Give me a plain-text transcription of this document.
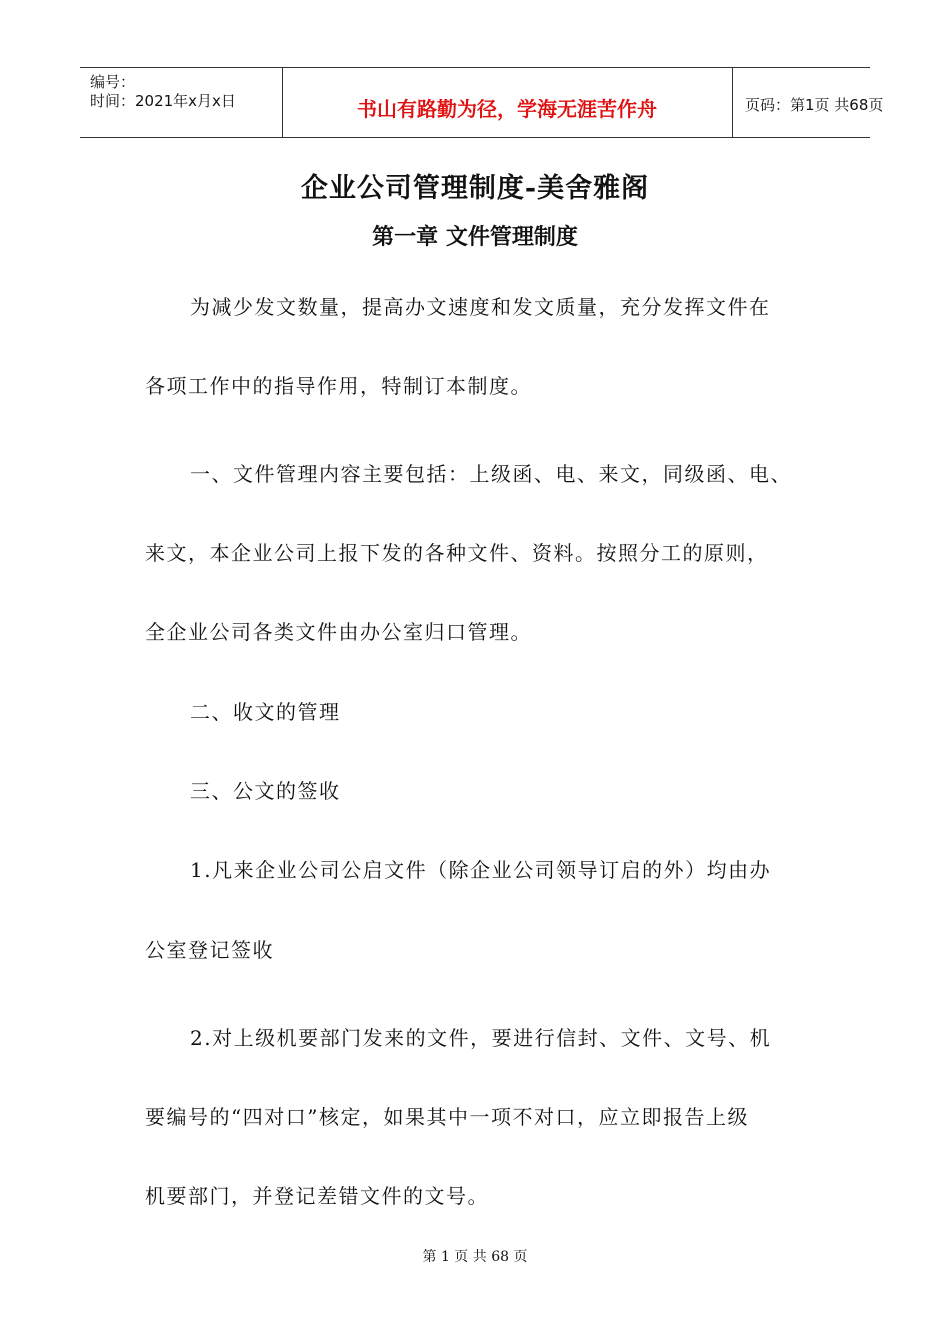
编号：
时间：2021年x月x日	书山有路勤为径，学海无涯苦作舟	页码：第1页 共68页
企业公司管理制度-美舍雅阁
第一章 文件管理制度
为减少发文数量，提高办文速度和发文质量，充分发挥文件在
各项工作中的指导作用，特制订本制度。
一、文件管理内容主要包括：上级函、电、来文，同级函、电、
来文，本企业公司上报下发的各种文件、资料。按照分工的原则，
全企业公司各类文件由办公室归口管理。
二、收文的管理
三、公文的签收
1.凡来企业公司公启文件（除企业公司领导订启的外）均由办
公室登记签收
2.对上级机要部门发来的文件，要进行信封、文件、文号、机
要编号的“四对口”核定，如果其中一项不对口，应立即报告上级
机要部门，并登记差错文件的文号。
第 1 页 共 68 页
